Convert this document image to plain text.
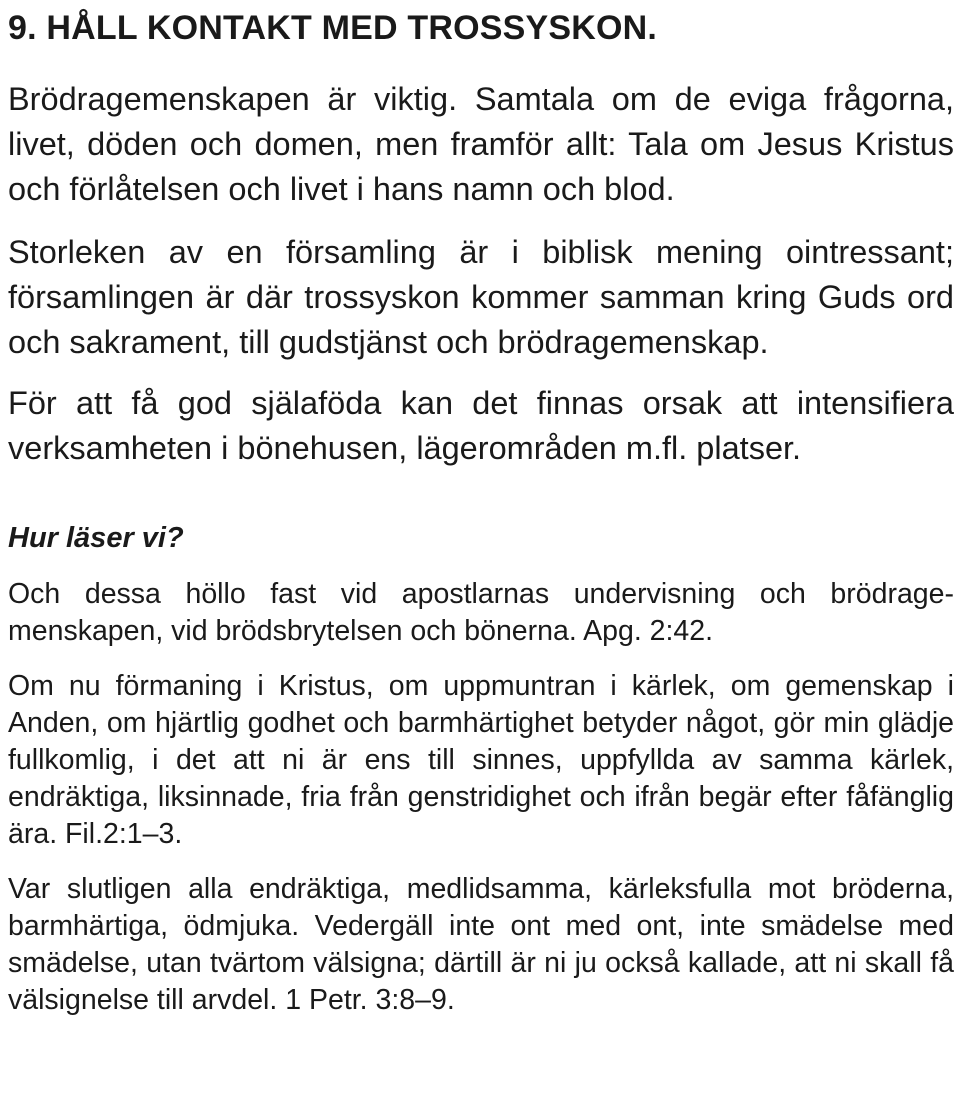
9. HÅLL KONTAKT MED TROSSYSKON.

Brödragemenskapen är viktig. Samtala om de eviga frågorna, livet, döden och domen, men framför allt: Tala om Jesus Kristus och förlåtelsen och livet i hans namn och blod.

Storleken av en församling är i biblisk mening ointressant; församlingen är där trossyskon kommer samman kring Guds ord och sakrament, till gudstjänst och brödragemenskap.

För att få god själaföda kan det finnas orsak att intensifiera verksamheten i bönehusen, lägerområden m.fl. platser.

Hur läser vi?

Och dessa höllo fast vid apostlarnas undervisning och brödragemenskapen, vid brödsbrytelsen och bönerna. Apg. 2:42.

Om nu förmaning i Kristus, om uppmuntran i kärlek, om gemenskap i Anden, om hjärtlig godhet och barmhärtighet betyder något, gör min glädje fullkomlig, i det att ni är ens till sinnes, uppfyllda av samma kärlek, endräktiga, liksinnade, fria från genstridighet och ifrån begär efter fåfänglig ära. Fil.2:1–3.

Var slutligen alla endräktiga, medlidsamma, kärleksfulla mot bröderna, barmhärtiga, ödmjuka. Vedergäll inte ont med ont, inte smädelse med smädelse, utan tvärtom välsigna; därtill är ni ju också kallade, att ni skall få välsignelse till arvdel. 1 Petr. 3:8–9.
